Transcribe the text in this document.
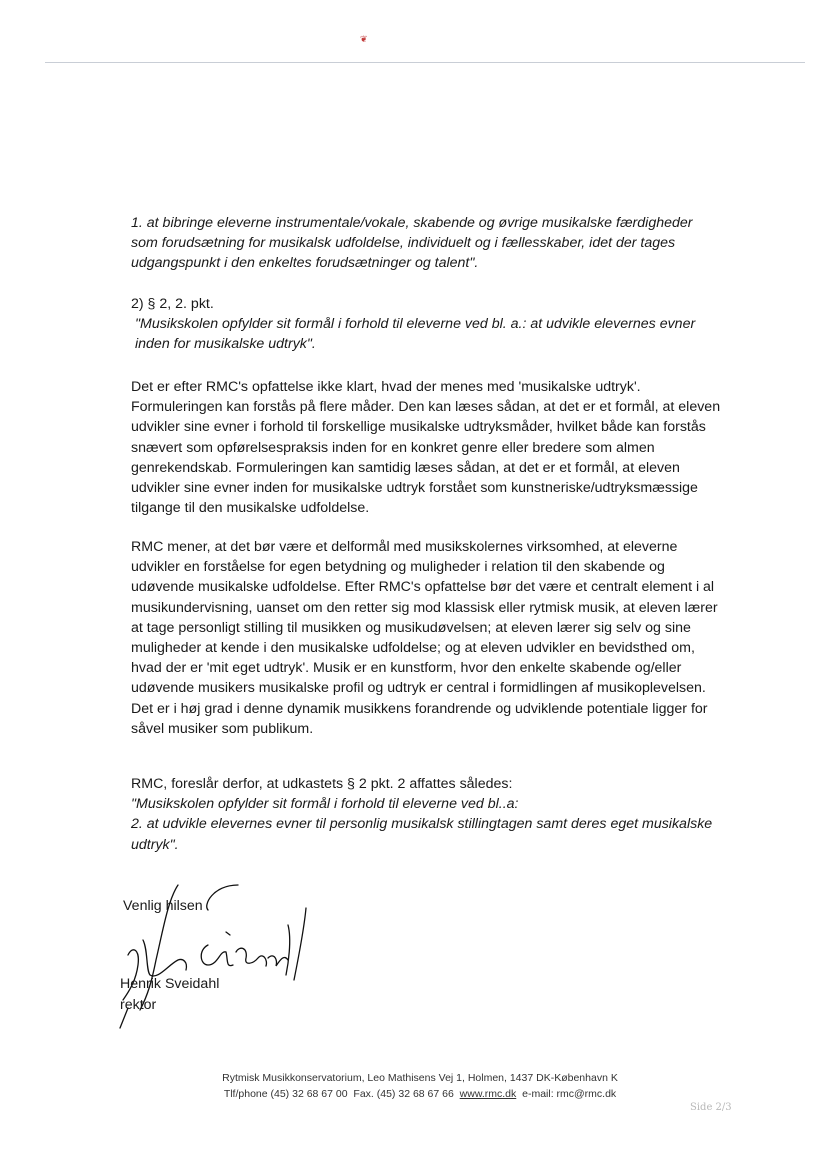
❦

1. at bibringe eleverne instrumentale/vokale, skabende og øvrige musikalske færdigheder som forudsætning for musikalsk udfoldelse, individuelt og i fællesskaber, idet der tages udgangspunkt i den enkeltes forudsætninger og talent".

2) § 2, 2. pkt.

"Musikskolen opfylder sit formål i forhold til eleverne ved bl. a.: at udvikle elevernes evner inden for musikalske udtryk".

Det er efter RMC's opfattelse ikke klart, hvad der menes med 'musikalske udtryk'. Formuleringen kan forstås på flere måder. Den kan læses sådan, at det er et formål, at eleven udvikler sine evner i forhold til forskellige musikalske udtryksmåder, hvilket både kan forstås snævert som opførelsespraksis inden for en konkret genre eller bredere som almen genrekendskab. Formuleringen kan samtidig læses sådan, at det er et formål, at eleven udvikler sine evner inden for musikalske udtryk forstået som kunstneriske/udtryksmæssige tilgange til den musikalske udfoldelse.

RMC mener, at det bør være et delformål med musikskolernes virksomhed, at eleverne udvikler en forståelse for egen betydning og muligheder i relation til den skabende og udøvende musikalske udfoldelse. Efter RMC's opfattelse bør det være et centralt element i al musikundervisning, uanset om den retter sig mod klassisk eller rytmisk musik, at eleven lærer at tage personligt stilling til musikken og musikudøvelsen; at eleven lærer sig selv og sine muligheder at kende i den musikalske udfoldelse; og at eleven udvikler en bevidsthed om, hvad der er 'mit eget udtryk'. Musik er en kunstform, hvor den enkelte skabende og/eller udøvende musikers musikalske profil og udtryk er central i formidlingen af musikoplevelsen. Det er i høj grad i denne dynamik musikkens forandrende og udviklende potentiale ligger for såvel musiker som publikum.

RMC, foreslår derfor, at udkastets § 2 pkt. 2 affattes således:

"Musikskolen opfylder sit formål i forhold til eleverne ved bl..a:

2. at udvikle elevernes evner til personlig musikalsk stillingtagen samt deres eget musikalske udtryk".

Venlig hilsen
Henrik Sveidahl
rektor
Rytmisk Musikkonservatorium, Leo Mathisens Vej 1, Holmen, 1437 DK-København K
Tlf/phone (45) 32 68 67 00 Fax. (45) 32 68 67 66 www.rmc.dk e-mail: rmc@rmc.dk
Side 2/3
